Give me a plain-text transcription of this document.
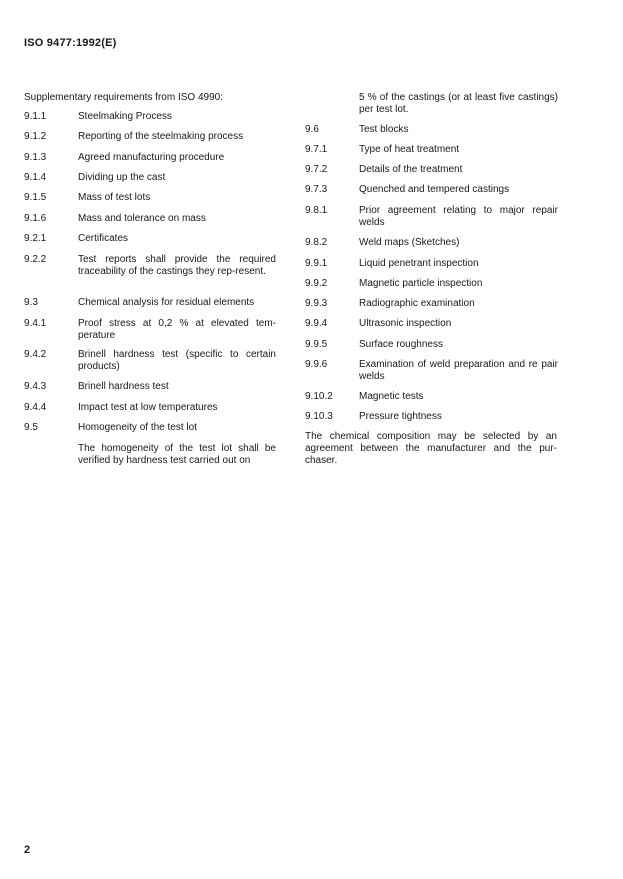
ISO 9477:1992(E)
Supplementary requirements from ISO 4990:
9.1.1	Steelmaking Process
9.1.2	Reporting of the steelmaking process
9.1.3	Agreed manufacturing procedure
9.1.4	Dividing up the cast
9.1.5	Mass of test lots
9.1.6	Mass and tolerance on mass
9.2.1	Certificates
9.2.2	Test reports shall provide the required traceability of the castings they rep-resent.
9.3	Chemical analysis for residual elements
9.4.1	Proof stress at 0,2 % at elevated tem-perature
9.4.2	Brinell hardness test (specific to certain products)
9.4.3	Brinell hardness test
9.4.4	Impact test at low temperatures
9.5	Homogeneity of the test lot
The homogeneity of the test lot shall be verified by hardness test carried out on
5 % of the castings (or at least five castings) per test lot.
9.6	Test blocks
9.7.1	Type of heat treatment
9.7.2	Details of the treatment
9.7.3	Quenched and tempered castings
9.8.1	Prior agreement relating to major repair welds
9.8.2	Weld maps (Sketches)
9.9.1	Liquid penetrant inspection
9.9.2	Magnetic particle inspection
9.9.3	Radiographic examination
9.9.4	Ultrasonic inspection
9.9.5	Surface roughness
9.9.6	Examination of weld preparation and re pair welds
9.10.2	Magnetic tests
9.10.3	Pressure tightness
The chemical composition may be selected by an agreement between the manufacturer and the pur-chaser.
2
